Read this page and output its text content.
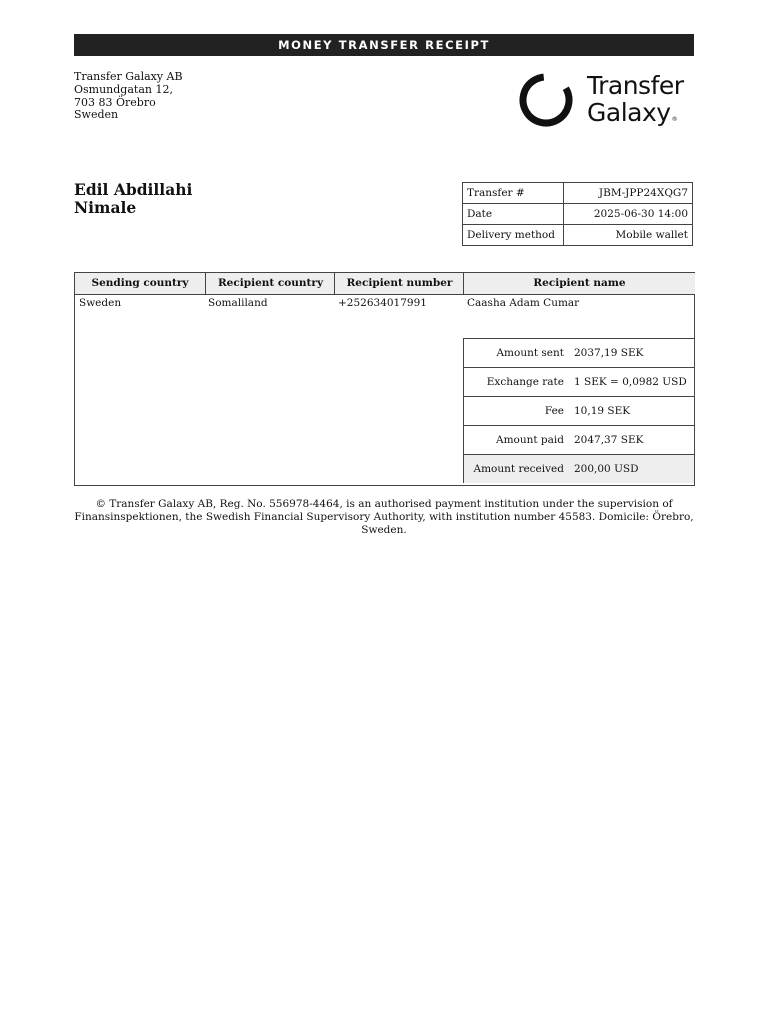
MONEY TRANSFER RECEIPT
Transfer Galaxy AB
Osmundgatan 12,
703 83 Örebro
Sweden
Transfer
Galaxy®
Edil Abdillahi
Nimale
Transfer #	JBM-JPP24XQG7
Date	2025-06-30 14:00
Delivery method	Mobile wallet
Sending country	Recipient country	Recipient number	Recipient name
Sweden	Somaliland	+252634017991	Caasha Adam Cumar
Amount sent	2037,19 SEK
Exchange rate	1 SEK = 0,0982 USD
Fee	10,19 SEK
Amount paid	2047,37 SEK
Amount received	200,00 USD
© Transfer Galaxy AB, Reg. No. 556978-4464, is an authorised payment institution under the supervision of
Finansinspektionen, the Swedish Financial Supervisory Authority, with institution number 45583. Domicile: Örebro, Sweden.
